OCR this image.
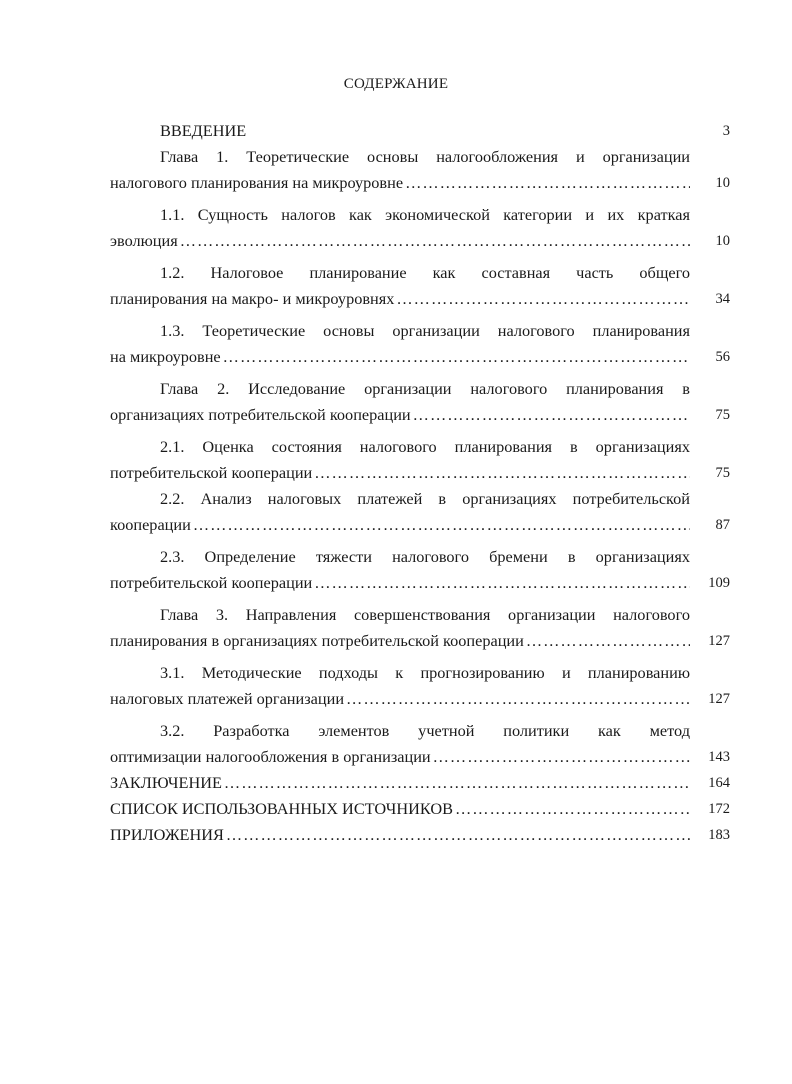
СОДЕРЖАНИЕ
ВВЕДЕНИЕ	3
Глава 1. Теоретические основы налогообложения и организации
налогового планирования на микроуровне ………………………………………………………………………………………………………………………………………………………………	10
1.1. Сущность налогов как экономической категории и их краткая
эволюция ………………………………………………………………………………………………………………………………………………………………	10
1.2. Налоговое планирование как составная часть общего
планирования на макро- и микроуровнях ………………………………………………………………………………………………………………………………………………………………	34
1.3. Теоретические основы организации налогового планирования
на микроуровне ………………………………………………………………………………………………………………………………………………………………	56
Глава 2. Исследование организации налогового планирования в
организациях потребительской кооперации ………………………………………………………………………………………………………………………………………………………………	75
2.1. Оценка состояния налогового планирования в организациях
потребительской кооперации ………………………………………………………………………………………………………………………………………………………………	75
2.2. Анализ налоговых платежей в организациях потребительской
кооперации ………………………………………………………………………………………………………………………………………………………………	87
2.3. Определение тяжести налогового бремени в организациях
потребительской кооперации ………………………………………………………………………………………………………………………………………………………………	109
Глава 3. Направления совершенствования организации налогового
планирования в организациях потребительской кооперации ………………………………………………………………………………………………………………………………………………………………	127
3.1. Методические подходы к прогнозированию и планированию
налоговых платежей организации ………………………………………………………………………………………………………………………………………………………………	127
3.2. Разработка элементов учетной политики как метод
оптимизации налогообложения в организации ………………………………………………………………………………………………………………………………………………………………	143
ЗАКЛЮЧЕНИЕ ………………………………………………………………………………………………………………………………………………………………	164
СПИСОК ИСПОЛЬЗОВАННЫХ ИСТОЧНИКОВ ………………………………………………………………………………………………………………………………………………………………	172
ПРИЛОЖЕНИЯ ………………………………………………………………………………………………………………………………………………………………	183
